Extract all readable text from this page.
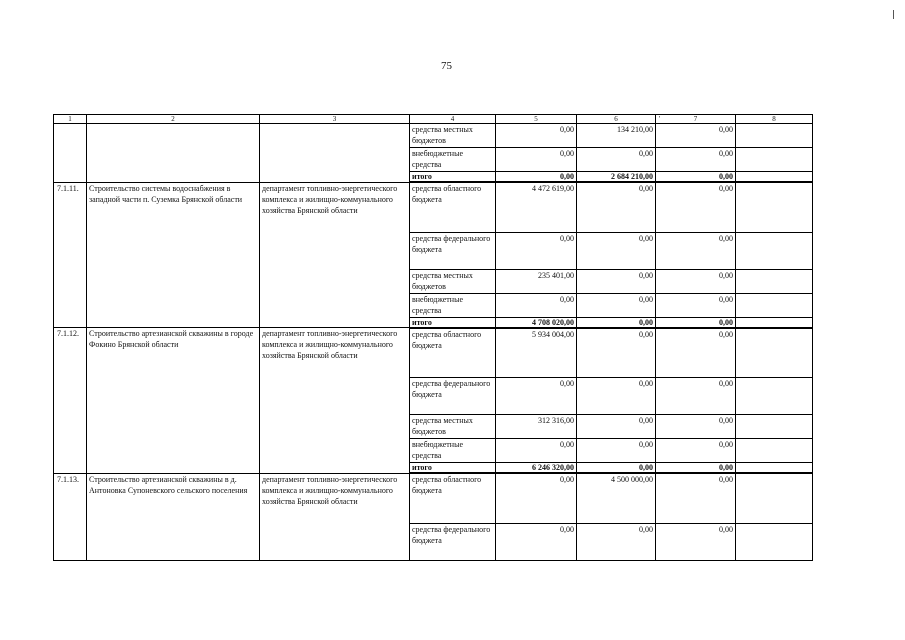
75
1	2	3	4	5	6	' 7	8
			средства местных бюджетов	0,00	134 210,00	0,00	
			внебюджетные средства	0,00	0,00	0,00	
			итого	0,00	2 684 210,00	0,00	
7.1.11.	Строительство системы водоснабжения в западной части п. Суземка Брянской области	департамент топливно-энергетического комплекса и жилищно-коммунального хозяйства Брянской области	средства областного бюджета	4 472 619,00	0,00	0,00	
			средства федерального бюджета	0,00	0,00	0,00	
			средства местных бюджетов	235 401,00	0,00	0,00	
			внебюджетные средства	0,00	0,00	0,00	
			итого	4 708 020,00	0,00	0,00	
7.1.12.	Строительство артезианской скважины в городе Фокино Брянской области	департамент топливно-энергетического комплекса и жилищно-коммунального хозяйства Брянской области	средства областного бюджета	5 934 004,00	0,00	0,00	
			средства федерального бюджета	0,00	0,00	0,00	
			средства местных бюджетов	312 316,00	0,00	0,00	
			внебюджетные средства	0,00	0,00	0,00	
			итого	6 246 320,00	0,00	0,00	
7.1.13.	Строительство артезианской скважины в д. Антоновка Супоневского сельского поселения	департамент топливно-энергетического комплекса и жилищно-коммунального хозяйства Брянской области	средства областного бюджета	0,00	4 500 000,00	0,00	
			средства федерального бюджета	0,00	0,00	0,00	
